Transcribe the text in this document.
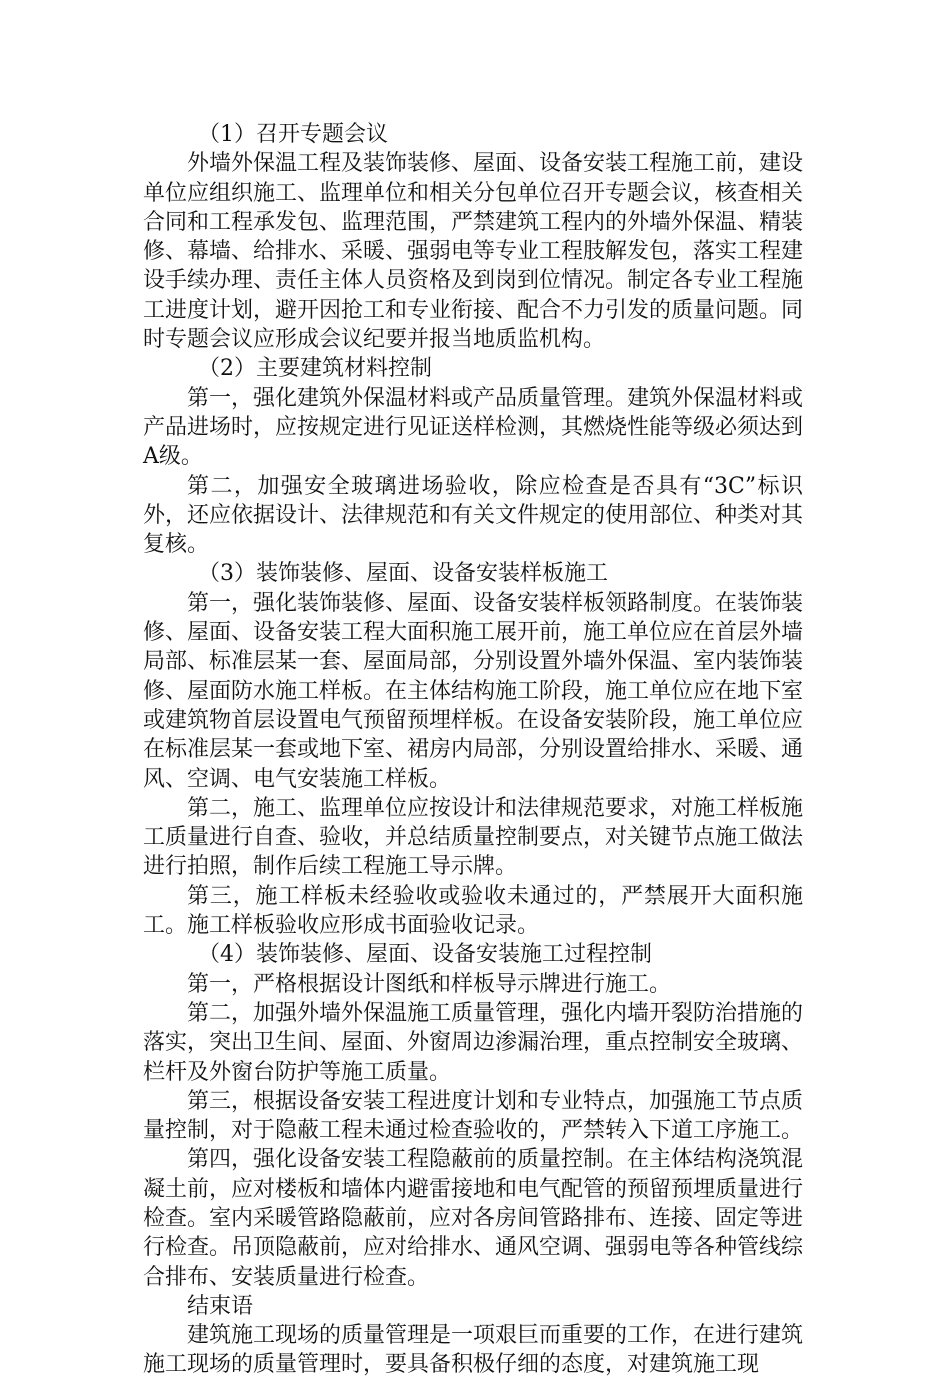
（1）召开专题会议

外墙外保温工程及装饰装修、屋面、设备安装工程施工前，建设单位应组织施工、监理单位和相关分包单位召开专题会议，核查相关合同和工程承发包、监理范围，严禁建筑工程内的外墙外保温、精装修、幕墙、给排水、采暖、强弱电等专业工程肢解发包，落实工程建设手续办理、责任主体人员资格及到岗到位情况。制定各专业工程施工进度计划，避开因抢工和专业衔接、配合不力引发的质量问题。同时专题会议应形成会议纪要并报当地质监机构。

（2）主要建筑材料控制

第一，强化建筑外保温材料或产品质量管理。建筑外保温材料或产品进场时，应按规定进行见证送样检测，其燃烧性能等级必须达到A级。

第二，加强安全玻璃进场验收，除应检查是否具有“3C”标识外，还应依据设计、法律规范和有关文件规定的使用部位、种类对其复核。

（3）装饰装修、屋面、设备安装样板施工

第一，强化装饰装修、屋面、设备安装样板领路制度。在装饰装修、屋面、设备安装工程大面积施工展开前，施工单位应在首层外墙局部、标准层某一套、屋面局部，分别设置外墙外保温、室内装饰装修、屋面防水施工样板。在主体结构施工阶段，施工单位应在地下室或建筑物首层设置电气预留预埋样板。在设备安装阶段，施工单位应在标准层某一套或地下室、裙房内局部，分别设置给排水、采暖、通风、空调、电气安装施工样板。

第二，施工、监理单位应按设计和法律规范要求，对施工样板施工质量进行自查、验收，并总结质量控制要点，对关键节点施工做法进行拍照，制作后续工程施工导示牌。

第三，施工样板未经验收或验收未通过的，严禁展开大面积施工。施工样板验收应形成书面验收记录。

（4）装饰装修、屋面、设备安装施工过程控制

第一，严格根据设计图纸和样板导示牌进行施工。

第二，加强外墙外保温施工质量管理，强化内墙开裂防治措施的落实，突出卫生间、屋面、外窗周边渗漏治理，重点控制安全玻璃、栏杆及外窗台防护等施工质量。

第三，根据设备安装工程进度计划和专业特点，加强施工节点质量控制，对于隐蔽工程未通过检查验收的，严禁转入下道工序施工。

第四，强化设备安装工程隐蔽前的质量控制。在主体结构浇筑混凝土前，应对楼板和墙体内避雷接地和电气配管的预留预埋质量进行检查。室内采暖管路隐蔽前，应对各房间管路排布、连接、固定等进行检查。吊顶隐蔽前，应对给排水、通风空调、强弱电等各种管线综合排布、安装质量进行检查。

结束语

建筑施工现场的质量管理是一项艰巨而重要的工作，在进行建筑施工现场的质量管理时，要具备积极仔细的态度，对建筑施工现
